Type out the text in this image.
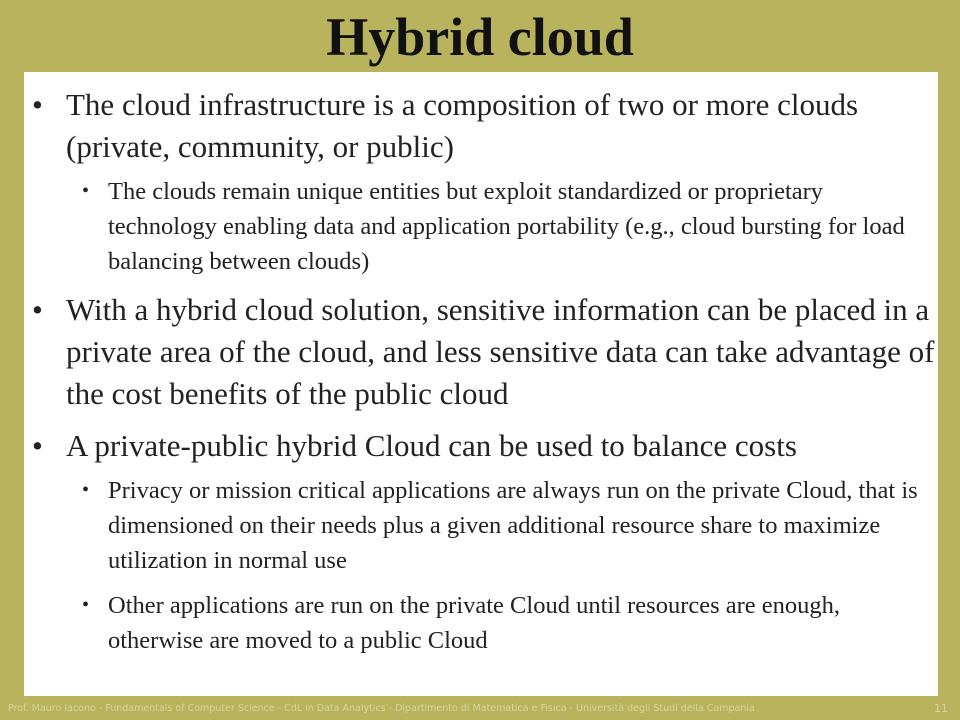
Hybrid cloud
• The cloud infrastructure is a composition of two or more clouds (private, community, or public)
• The clouds remain unique entities but exploit standardized or proprietary technology enabling data and application portability (e.g., cloud bursting for load balancing between clouds)
• With a hybrid cloud solution, sensitive information can be placed in a private area of the cloud, and less sensitive data can take advantage of the cost benefits of the public cloud
• A private-public hybrid Cloud can be used to balance costs
• Privacy or mission critical applications are always run on the private Cloud, that is dimensioned on their needs plus a given additional resource share to maximize utilization in normal use
• Other applications are run on the private Cloud until resources are enough, otherwise are moved to a public Cloud
Prof. Mauro Iacono - Fundamentals of Computer Science - CdL in Data Analytics - Dipartimento di Matematica e Fisica - Università degli Studi della Campania	11
